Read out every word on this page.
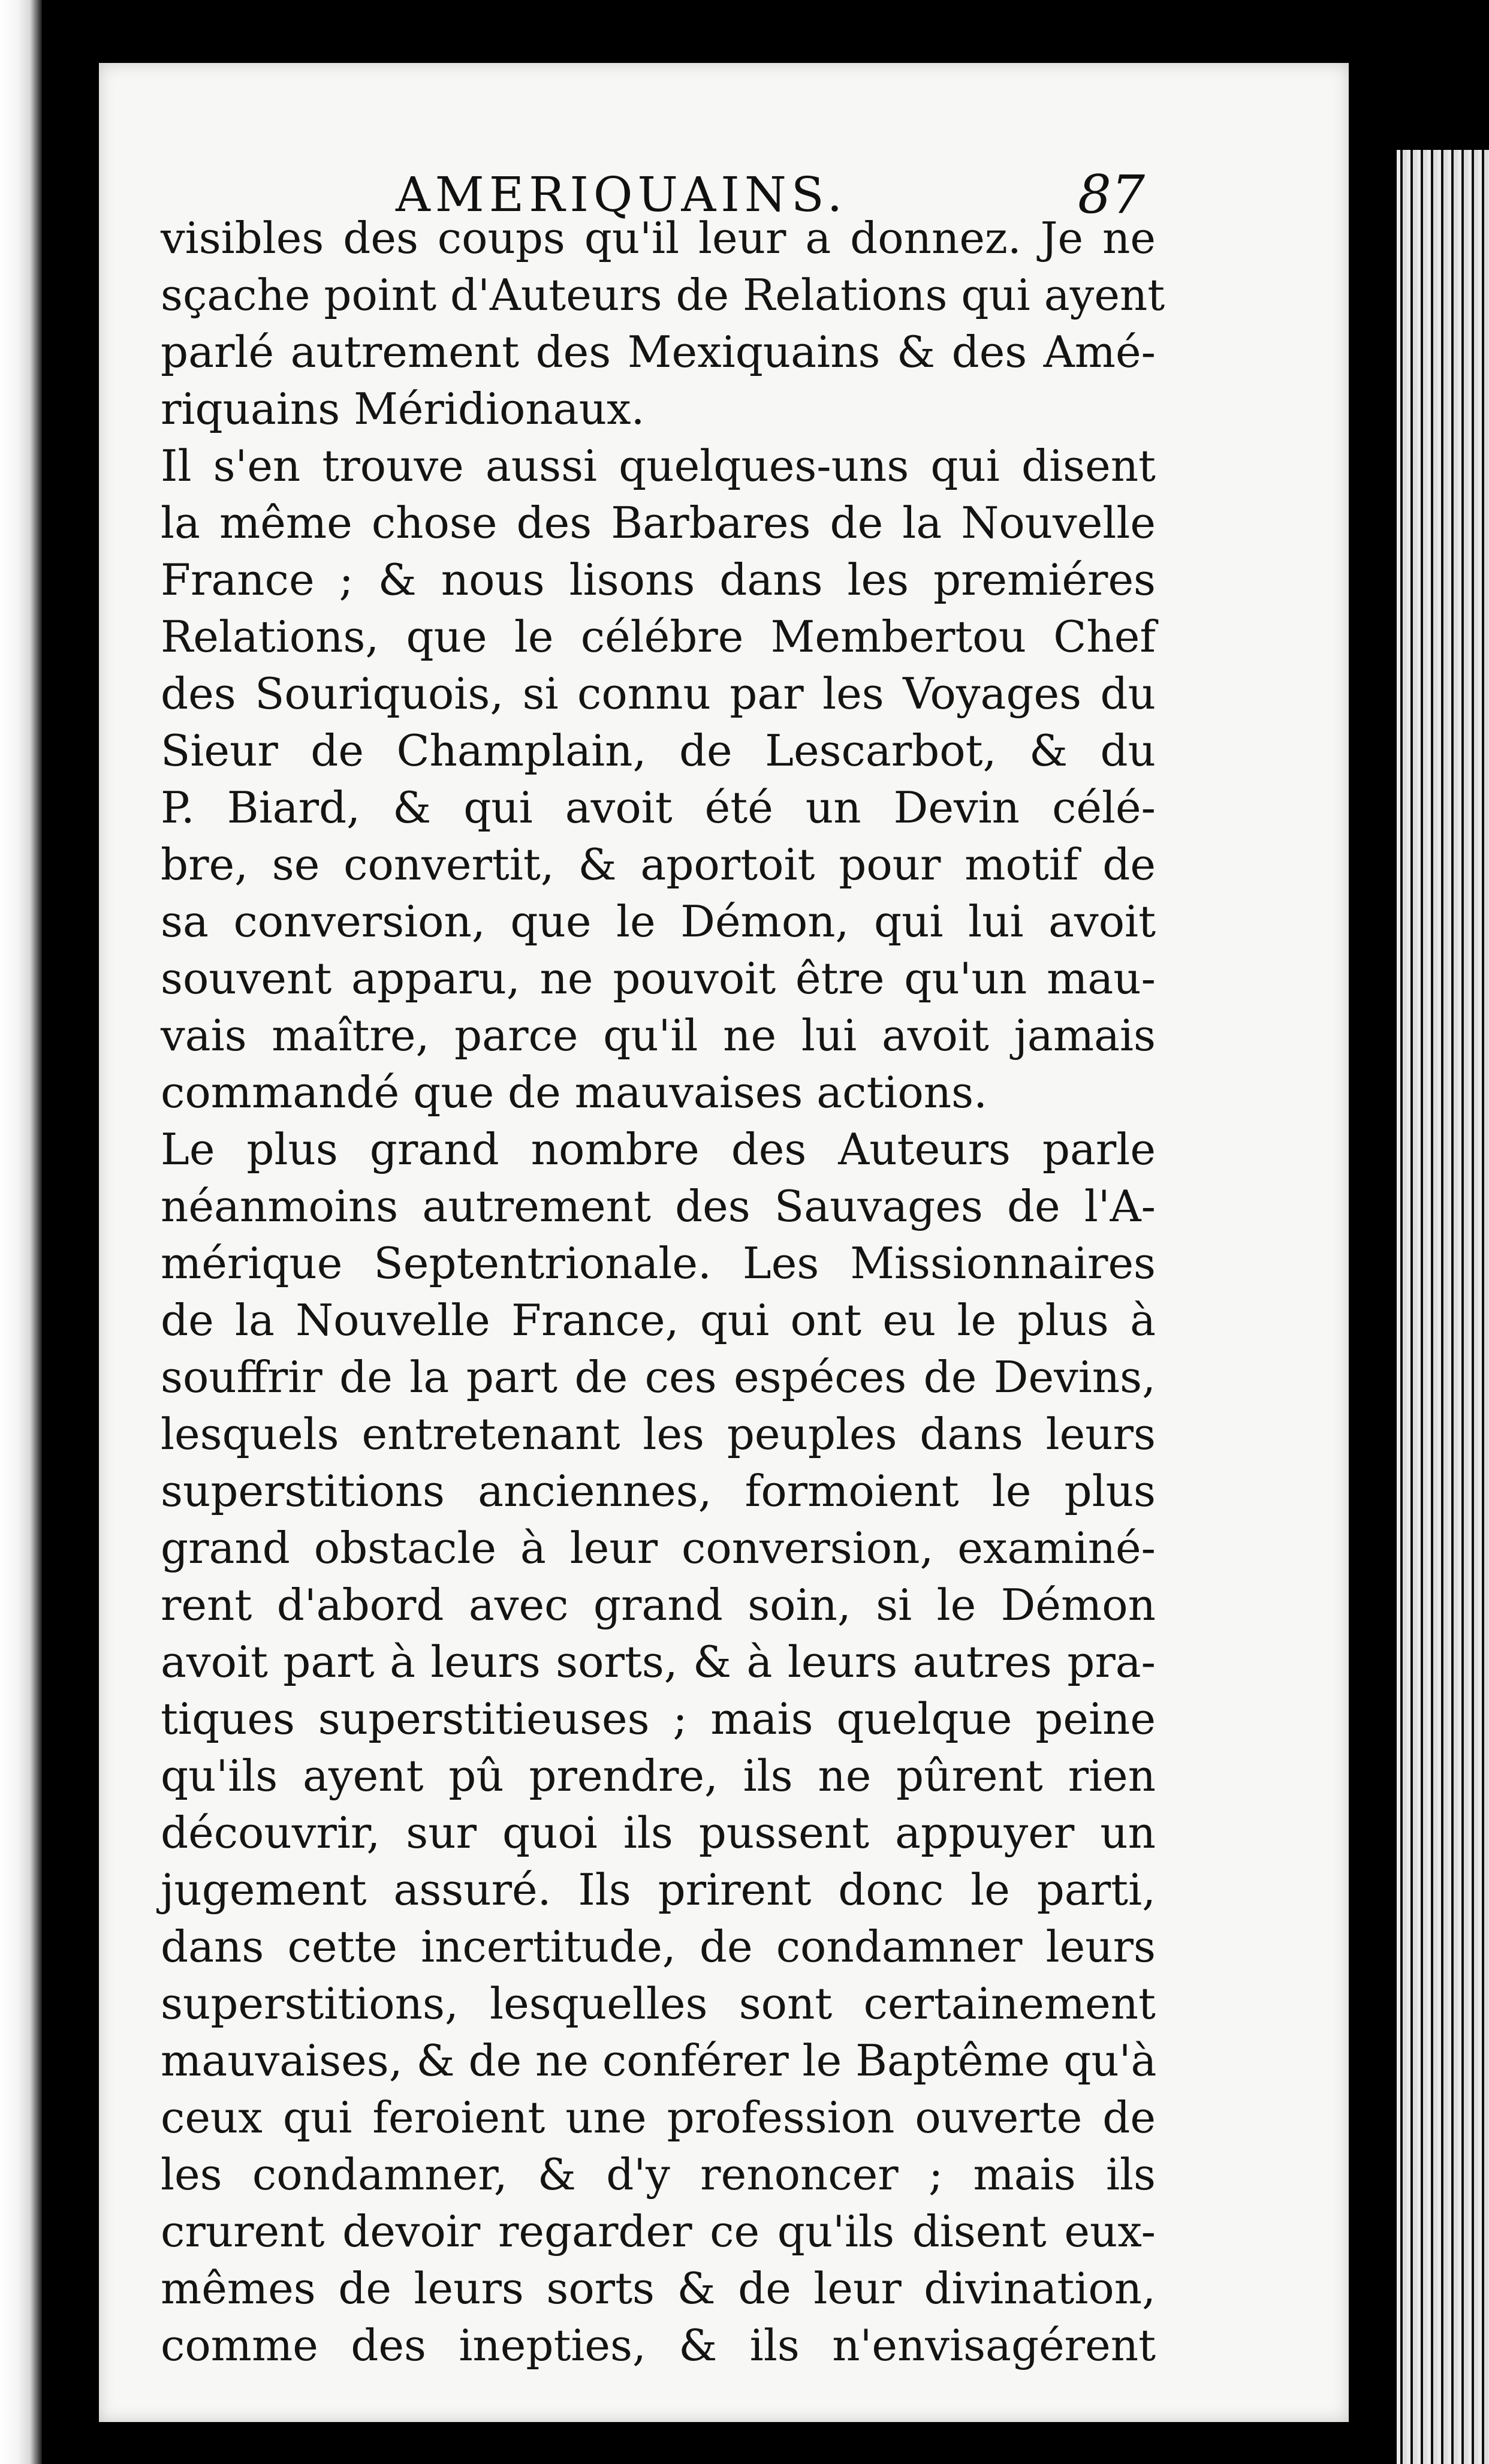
AMERIQUAINS.	87
visibles des coups qu'il leur a donnez. Je ne
sçache point d'Auteurs de Relations qui ayent
parlé autrement des Mexiquains & des Amé-
riquains Méridionaux.
Il s'en trouve aussi quelques-uns qui disent
la même chose des Barbares de la Nouvelle
France ; & nous lisons dans les premiéres
Relations, que le célébre Membertou Chef
des Souriquois, si connu par les Voyages du
Sieur de Champlain, de Lescarbot, & du
P. Biard, & qui avoit été un Devin célé-
bre, se convertit, & aportoit pour motif de
sa conversion, que le Démon, qui lui avoit
souvent apparu, ne pouvoit être qu'un mau-
vais maître, parce qu'il ne lui avoit jamais
commandé que de mauvaises actions.
Le plus grand nombre des Auteurs parle
néanmoins autrement des Sauvages de l'A-
mérique Septentrionale. Les Missionnaires
de la Nouvelle France, qui ont eu le plus à
souffrir de la part de ces espéces de Devins,
lesquels entretenant les peuples dans leurs
superstitions anciennes, formoient le plus
grand obstacle à leur conversion, examiné-
rent d'abord avec grand soin, si le Démon
avoit part à leurs sorts, & à leurs autres pra-
tiques superstitieuses ; mais quelque peine
qu'ils ayent pû prendre, ils ne pûrent rien
découvrir, sur quoi ils pussent appuyer un
jugement assuré. Ils prirent donc le parti,
dans cette incertitude, de condamner leurs
superstitions, lesquelles sont certainement
mauvaises, & de ne conférer le Baptême qu'à
ceux qui feroient une profession ouverte de
les condamner, & d'y renoncer ; mais ils
crurent devoir regarder ce qu'ils disent eux-
mêmes de leurs sorts & de leur divination,
comme des inepties, & ils n'envisagérent
